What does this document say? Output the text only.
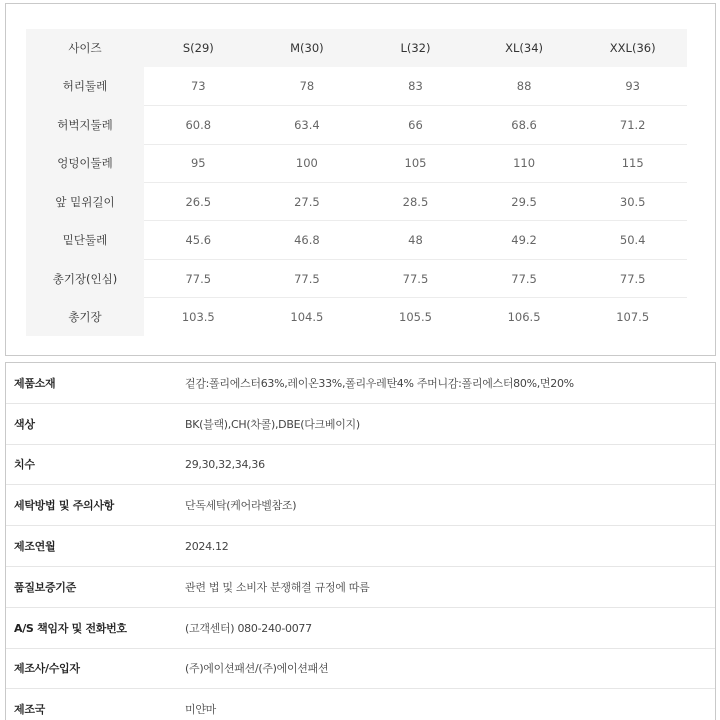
사이즈	S(29)	M(30)	L(32)	XL(34)	XXL(36)
허리둘레	73	78	83	88	93
허벅지둘레	60.8	63.4	66	68.6	71.2
엉덩이둘레	95	100	105	110	115
앞 밑위길이	26.5	27.5	28.5	29.5	30.5
밑단둘레	45.6	46.8	48	49.2	50.4
총기장(인심)	77.5	77.5	77.5	77.5	77.5
총기장	103.5	104.5	105.5	106.5	107.5
제품소재	겉감:폴리에스터63%,레이온33%,폴리우레탄4% 주머니감:폴리에스터80%,면20%
색상	BK(블랙),CH(차콜),DBE(다크베이지)
치수	29,30,32,34,36
세탁방법 및 주의사항	단독세탁(케어라벨참조)
제조연월	2024.12
품질보증기준	관련 법 및 소비자 분쟁해결 규정에 따름
A/S 책임자 및 전화번호	(고객센터) 080-240-0077
제조사/수입자	(주)에이션패션/(주)에이션패션
제조국	미얀마
